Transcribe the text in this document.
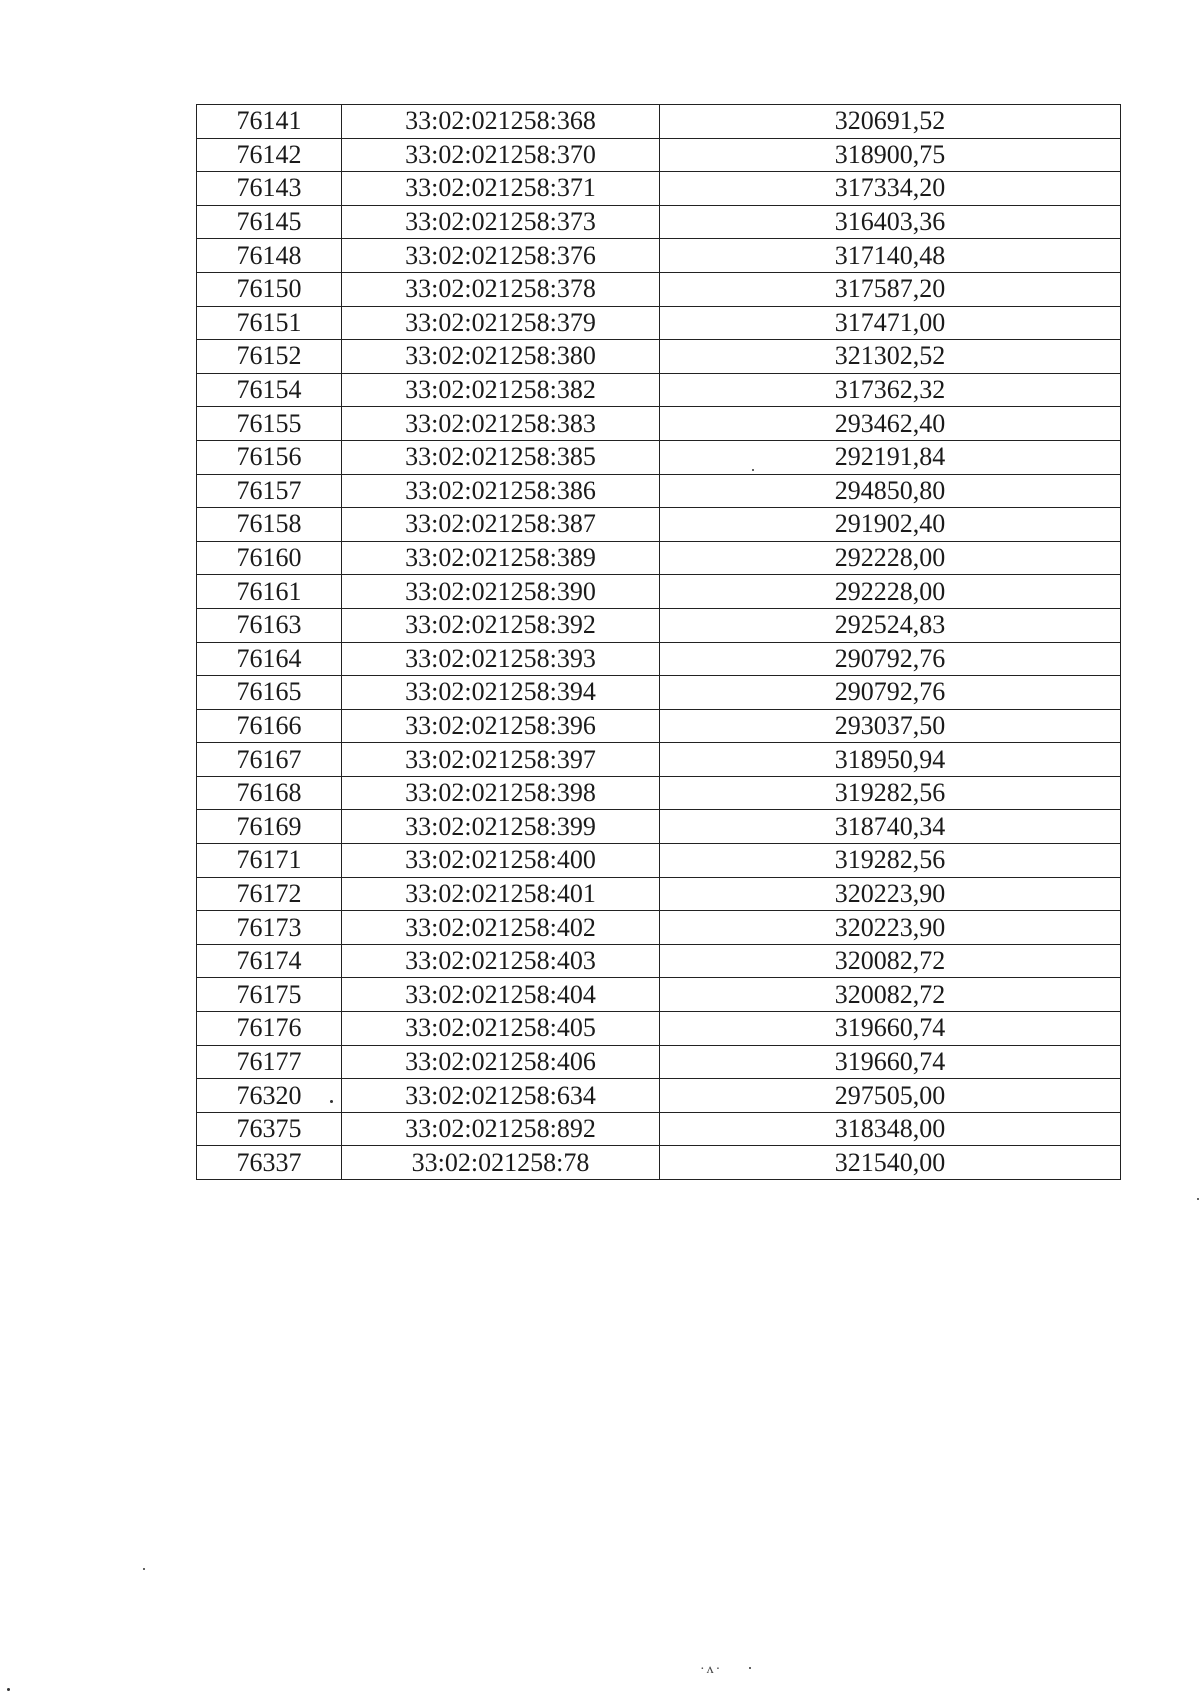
76141	33:02:021258:368	320691,52
76142	33:02:021258:370	318900,75
76143	33:02:021258:371	317334,20
76145	33:02:021258:373	316403,36
76148	33:02:021258:376	317140,48
76150	33:02:021258:378	317587,20
76151	33:02:021258:379	317471,00
76152	33:02:021258:380	321302,52
76154	33:02:021258:382	317362,32
76155	33:02:021258:383	293462,40
76156	33:02:021258:385	292191,84
76157	33:02:021258:386	294850,80
76158	33:02:021258:387	291902,40
76160	33:02:021258:389	292228,00
76161	33:02:021258:390	292228,00
76163	33:02:021258:392	292524,83
76164	33:02:021258:393	290792,76
76165	33:02:021258:394	290792,76
76166	33:02:021258:396	293037,50
76167	33:02:021258:397	318950,94
76168	33:02:021258:398	319282,56
76169	33:02:021258:399	318740,34
76171	33:02:021258:400	319282,56
76172	33:02:021258:401	320223,90
76173	33:02:021258:402	320223,90
76174	33:02:021258:403	320082,72
76175	33:02:021258:404	320082,72
76176	33:02:021258:405	319660,74
76177	33:02:021258:406	319660,74
76320	33:02:021258:634	297505,00
76375	33:02:021258:892	318348,00
76337	33:02:021258:78	321540,00
·ʌ·
